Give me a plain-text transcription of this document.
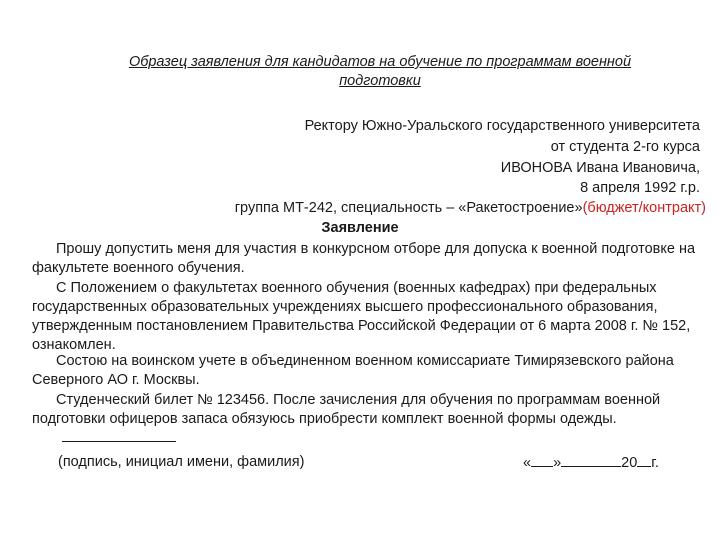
Образец заявления для кандидатов на обучение по программам военной
подготовки
Ректору Южно-Уральского государственного университета
от студента 2-го курса
ИВОНОВА Ивана Ивановича,
8 апреля 1992 г.р.
группа МТ-242, специальность – «Ракетостроение»(бюджет/контракт)
Заявление

Прошу допустить меня для участия в конкурсном отборе для допуска к военной подготовке на факультете военного обучения.

С Положением о факультетах военного обучения (военных кафедрах) при федеральных государственных образовательных учреждениях высшего профессионального образования, утвержденным постановлением Правительства Российской Федерации от 6 марта 2008 г. № 152, ознакомлен.

Состою на воинском учете в объединенном военном комиссариате Тимирязевского района Северного АО г. Москвы.

Студенческий билет № 123456. После зачисления для обучения по программам военной подготовки офицеров запаса обязуюсь приобрести комплект военной формы одежды.

(подпись, инициал имени, фамилия)	« »	20 г.
